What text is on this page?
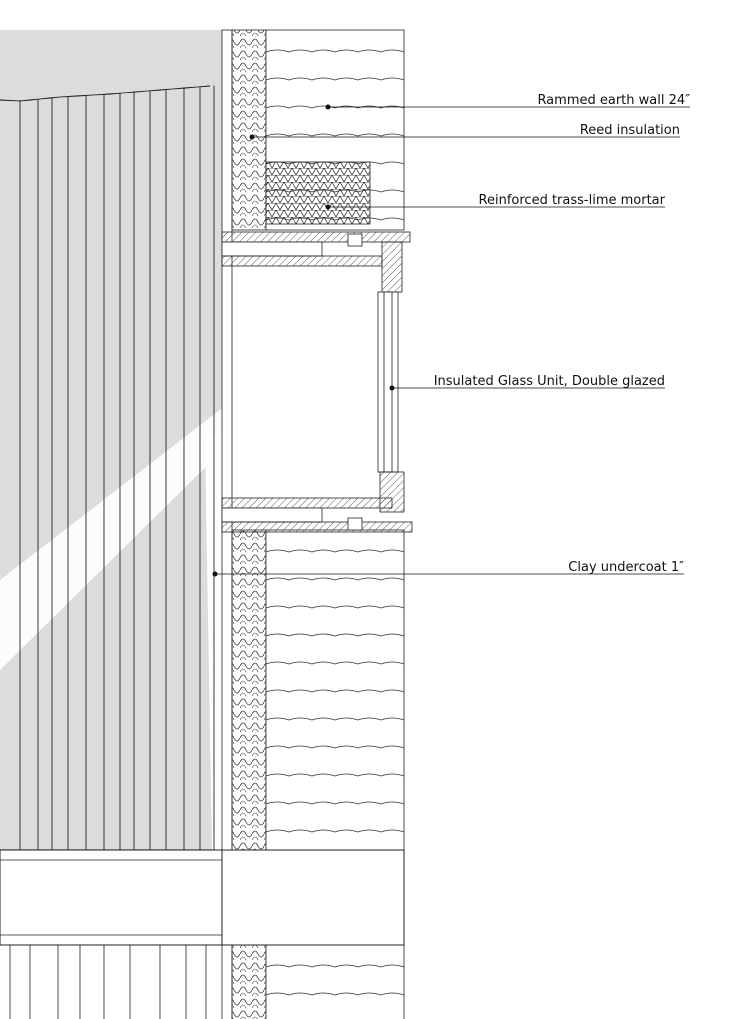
Rammed earth wall 24″
Reed insulation
Reinforced trass-lime mortar
Insulated Glass Unit, Double glazed
Clay undercoat 1″
